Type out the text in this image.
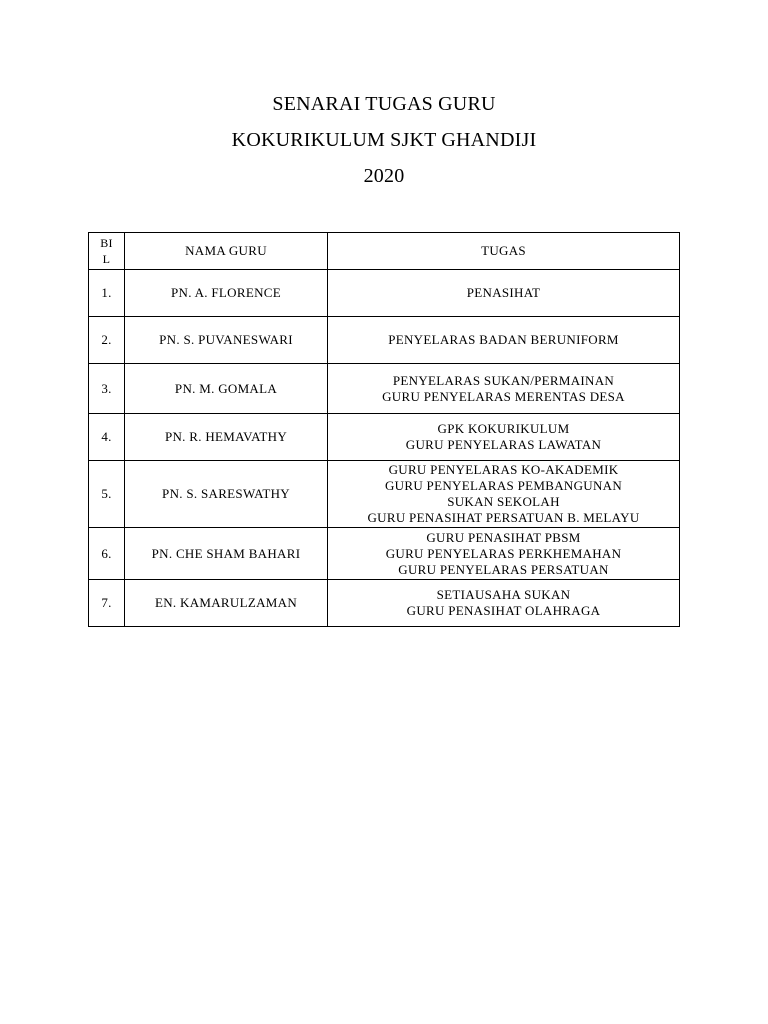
SENARAI TUGAS GURU
KOKURIKULUM SJKT GHANDIJI
2020
BI
L	NAMA GURU	TUGAS
1.	PN. A. FLORENCE	PENASIHAT

2.	PN. S. PUVANESWARI	PENYELARAS BADAN BERUNIFORM

3.	PN. M. GOMALA	PENYELARAS SUKAN/PERMAINAN
GURU PENYELARAS MERENTAS DESA

4.	PN. R. HEMAVATHY	GPK KOKURIKULUM
GURU PENYELARAS LAWATAN

5.	PN. S. SARESWATHY	GURU PENYELARAS KO-AKADEMIK
GURU PENYELARAS PEMBANGUNAN
SUKAN SEKOLAH
GURU PENASIHAT PERSATUAN B. MELAYU

6.	PN. CHE SHAM BAHARI	GURU PENASIHAT PBSM
GURU PENYELARAS PERKHEMAHAN
GURU PENYELARAS PERSATUAN

7.	EN. KAMARULZAMAN	SETIAUSAHA SUKAN
GURU PENASIHAT OLAHRAGA
